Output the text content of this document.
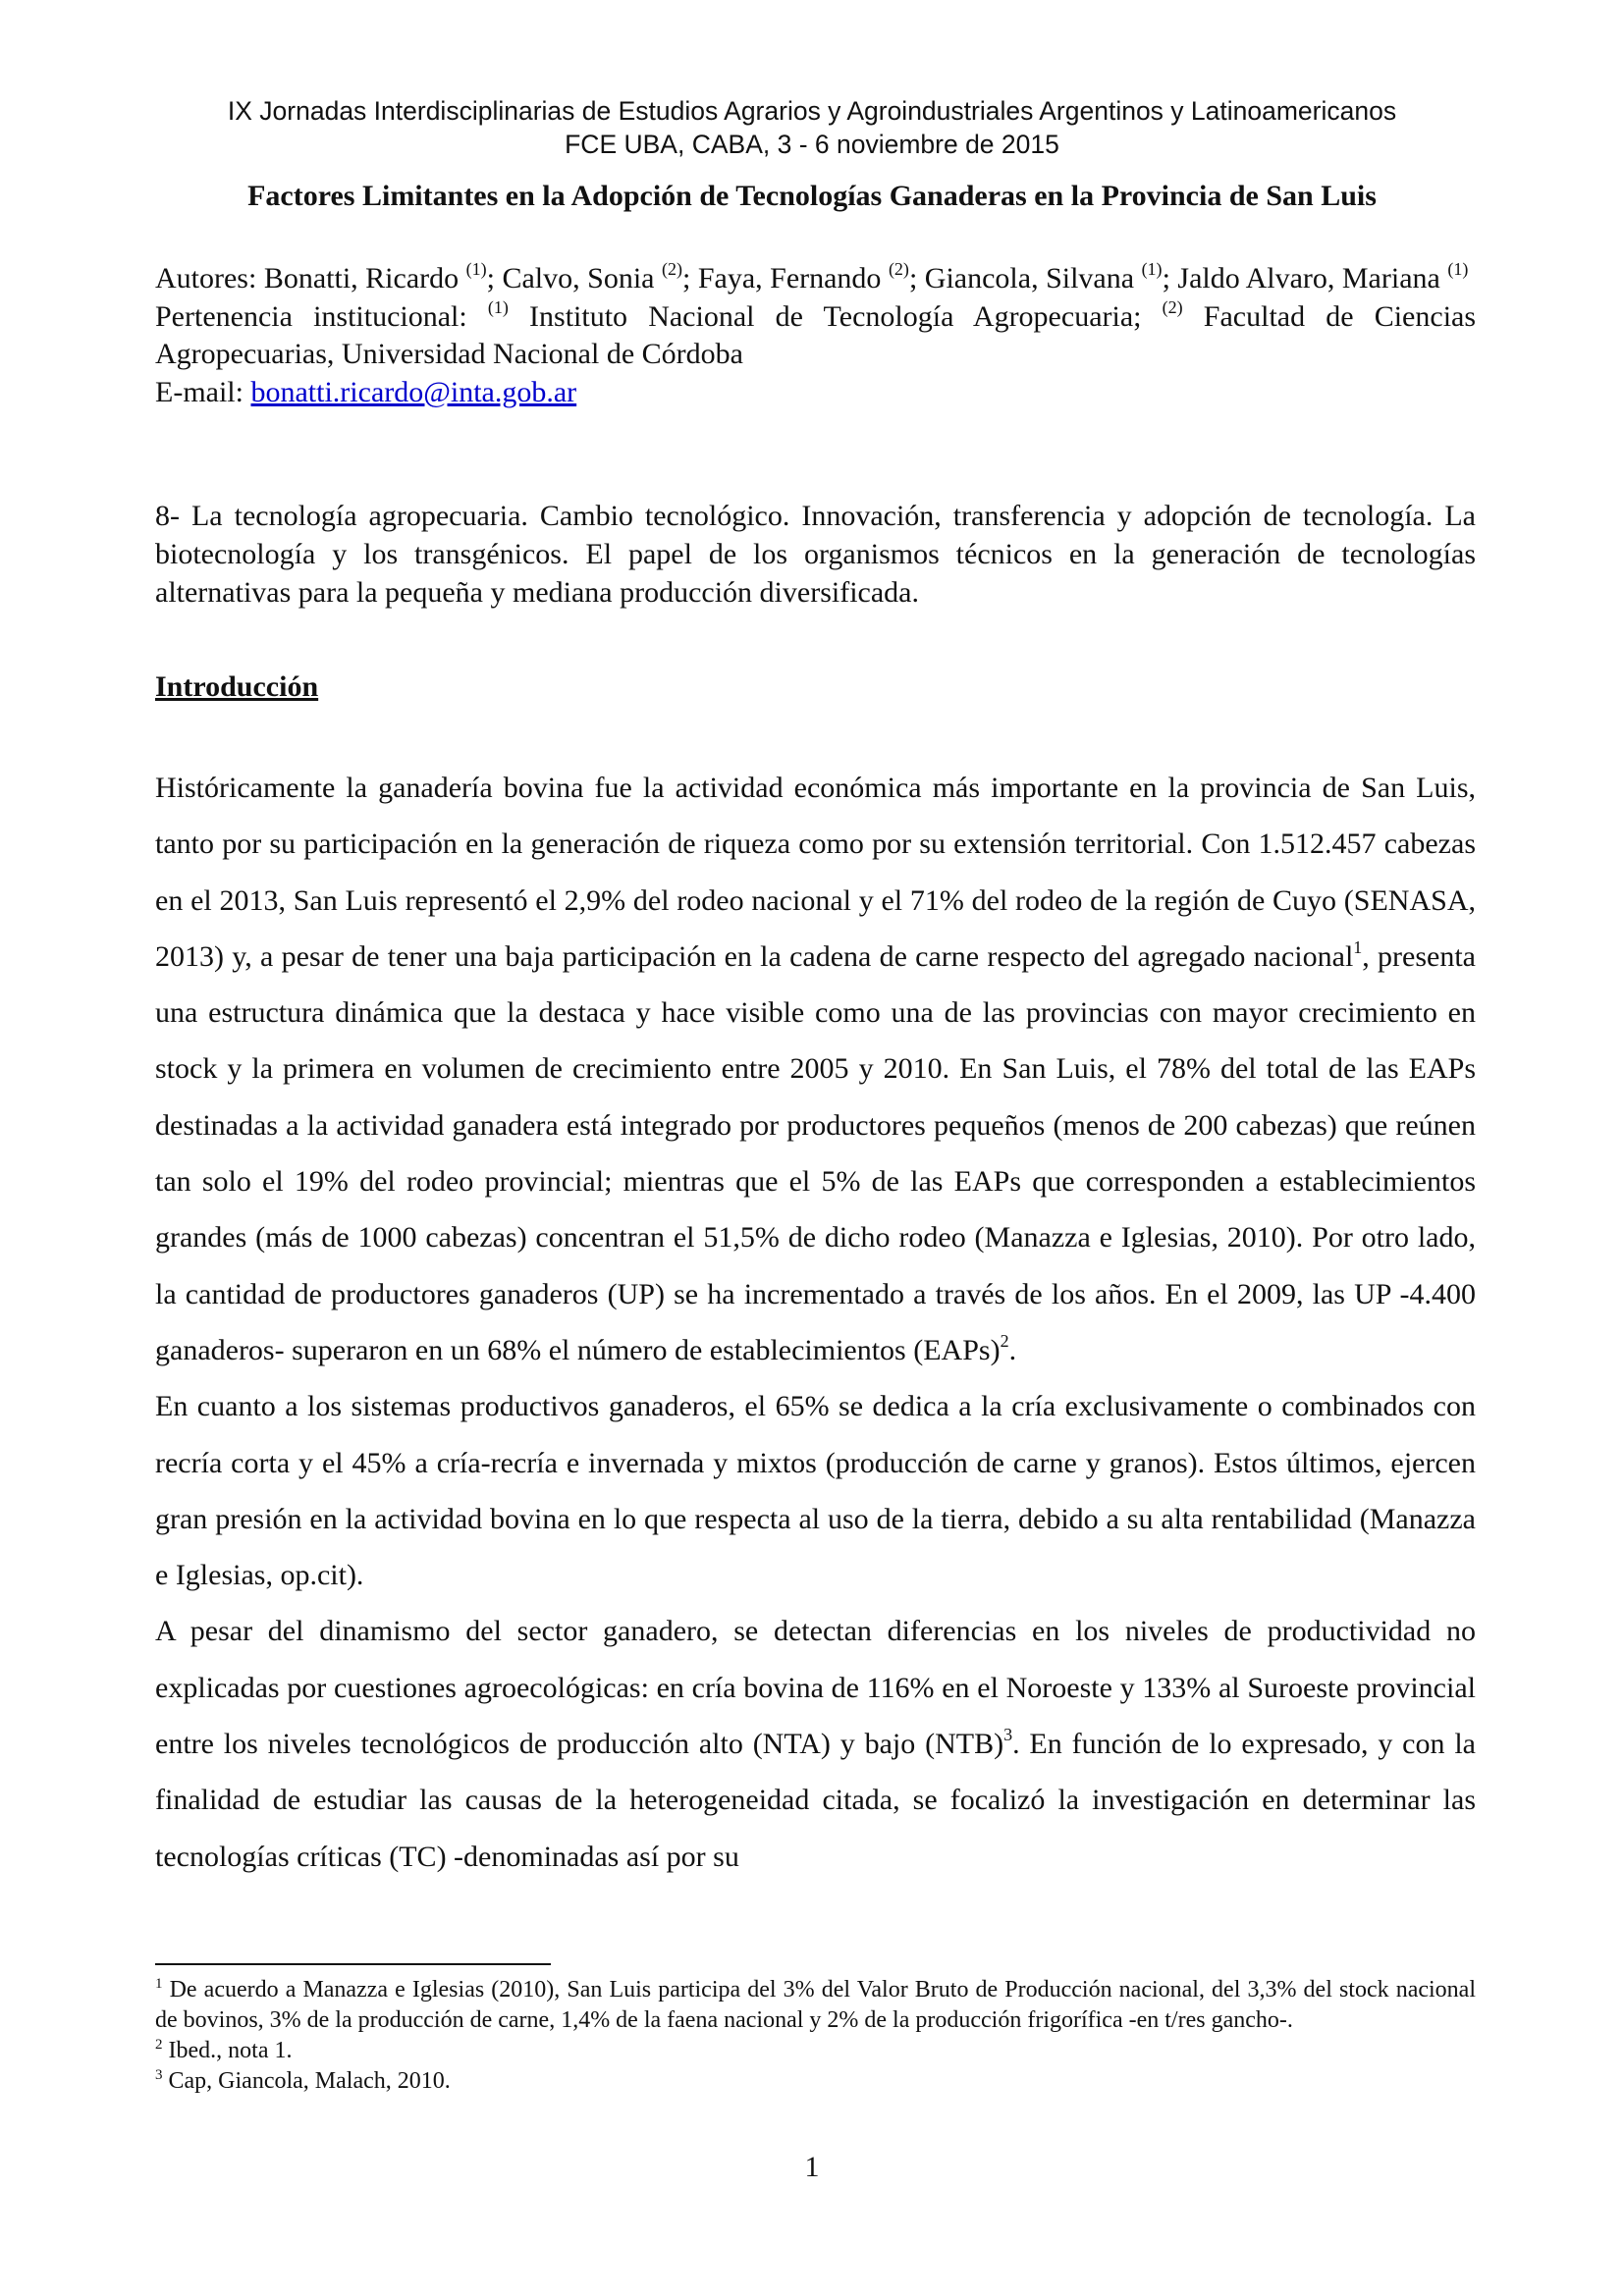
IX Jornadas Interdisciplinarias de Estudios Agrarios y Agroindustriales Argentinos y Latinoamericanos
FCE UBA, CABA, 3 - 6 noviembre de 2015
Factores Limitantes en la Adopción de Tecnologías Ganaderas en la Provincia de San Luis

Autores: Bonatti, Ricardo $^{(1)}$; Calvo, Sonia $^{(2)}$; Faya, Fernando $^{(2)}$; Giancola, Silvana $^{(1)}$; Jaldo Alvaro, Mariana $^{(1)}$

Pertenencia institucional: $^{(1)}$ Instituto Nacional de Tecnología Agropecuaria; $^{(2)}$ Facultad de Ciencias Agropecuarias, Universidad Nacional de Córdoba

E-mail: bonatti.ricardo@inta.gob.ar

8- La tecnología agropecuaria. Cambio tecnológico. Innovación, transferencia y adopción de tecnología. La biotecnología y los transgénicos. El papel de los organismos técnicos en la generación de tecnologías alternativas para la pequeña y mediana producción diversificada.

Introducción

Históricamente la ganadería bovina fue la actividad económica más importante en la provincia de San Luis, tanto por su participación en la generación de riqueza como por su extensión territorial. Con 1.512.457 cabezas en el 2013, San Luis representó el 2,9% del rodeo nacional y el 71% del rodeo de la región de Cuyo (SENASA, 2013) y, a pesar de tener una baja participación en la cadena de carne respecto del agregado nacional$^1$, presenta una estructura dinámica que la destaca y hace visible como una de las provincias con mayor crecimiento en stock y la primera en volumen de crecimiento entre 2005 y 2010. En San Luis, el 78% del total de las EAPs destinadas a la actividad ganadera está integrado por productores pequeños (menos de 200 cabezas) que reúnen tan solo el 19% del rodeo provincial; mientras que el 5% de las EAPs que corresponden a establecimientos grandes (más de 1000 cabezas) concentran el 51,5% de dicho rodeo (Manazza e Iglesias, 2010). Por otro lado, la cantidad de productores ganaderos (UP) se ha incrementado a través de los años. En el 2009, las UP -4.400 ganaderos- superaron en un 68% el número de establecimientos (EAPs)$^2$.

En cuanto a los sistemas productivos ganaderos, el 65% se dedica a la cría exclusivamente o combinados con recría corta y el 45% a cría-recría e invernada y mixtos (producción de carne y granos). Estos últimos, ejercen gran presión en la actividad bovina en lo que respecta al uso de la tierra, debido a su alta rentabilidad (Manazza e Iglesias, op.cit).

A pesar del dinamismo del sector ganadero, se detectan diferencias en los niveles de productividad no explicadas por cuestiones agroecológicas: en cría bovina de 116% en el Noroeste y 133% al Suroeste provincial entre los niveles tecnológicos de producción alto (NTA) y bajo (NTB)$^3$. En función de lo expresado, y con la finalidad de estudiar las causas de la heterogeneidad citada, se focalizó la investigación en determinar las tecnologías críticas (TC) -denominadas así por su

$^1$ De acuerdo a Manazza e Iglesias (2010), San Luis participa del 3% del Valor Bruto de Producción nacional, del 3,3% del stock nacional de bovinos, 3% de la producción de carne, 1,4% de la faena nacional y 2% de la producción frigorífica -en t/res gancho-.

$^2$ Ibed., nota 1.

$^3$ Cap, Giancola, Malach, 2010.

1
